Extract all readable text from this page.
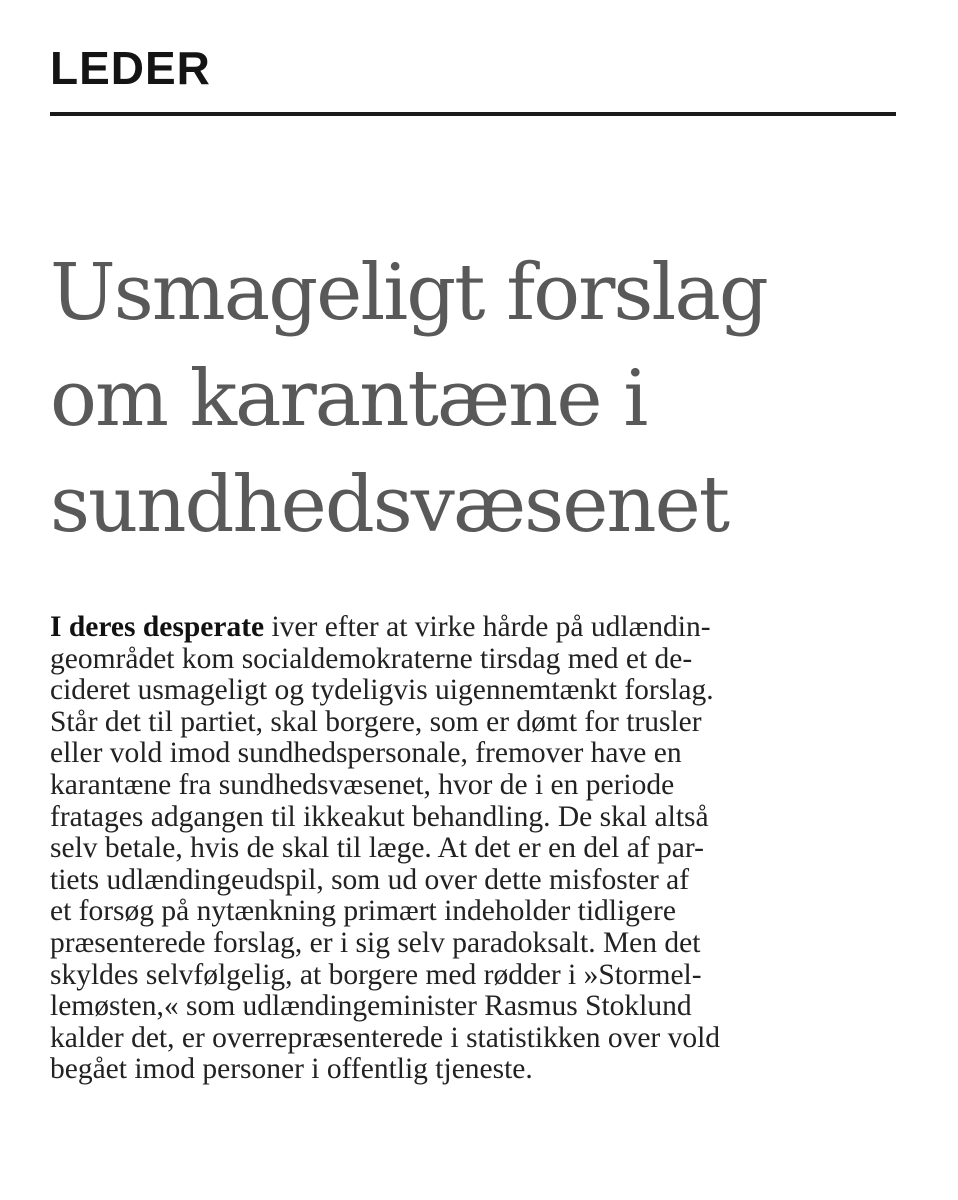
LEDER
Usmageligt forslag
om karantæne i
sundhedsvæsenet
I deres desperate iver efter at virke hårde på udlændin-
geområdet kom socialdemokraterne tirsdag med et de-
cideret usmageligt og tydeligvis uigennemtænkt forslag.
Står det til partiet, skal borgere, som er dømt for trusler
eller vold imod sundhedspersonale, fremover have en
karantæne fra sundhedsvæsenet, hvor de i en periode
fratages adgangen til ikkeakut behandling. De skal altså
selv betale, hvis de skal til læge. At det er en del af par-
tiets udlændingeudspil, som ud over dette misfoster af
et forsøg på nytænkning primært indeholder tidligere
præsenterede forslag, er i sig selv paradoksalt. Men det
skyldes selvfølgelig, at borgere med rødder i »Stormel-
lemøsten,« som udlændingeminister Rasmus Stoklund
kalder det, er overrepræsenterede i statistikken over vold
begået imod personer i offentlig tjeneste.
